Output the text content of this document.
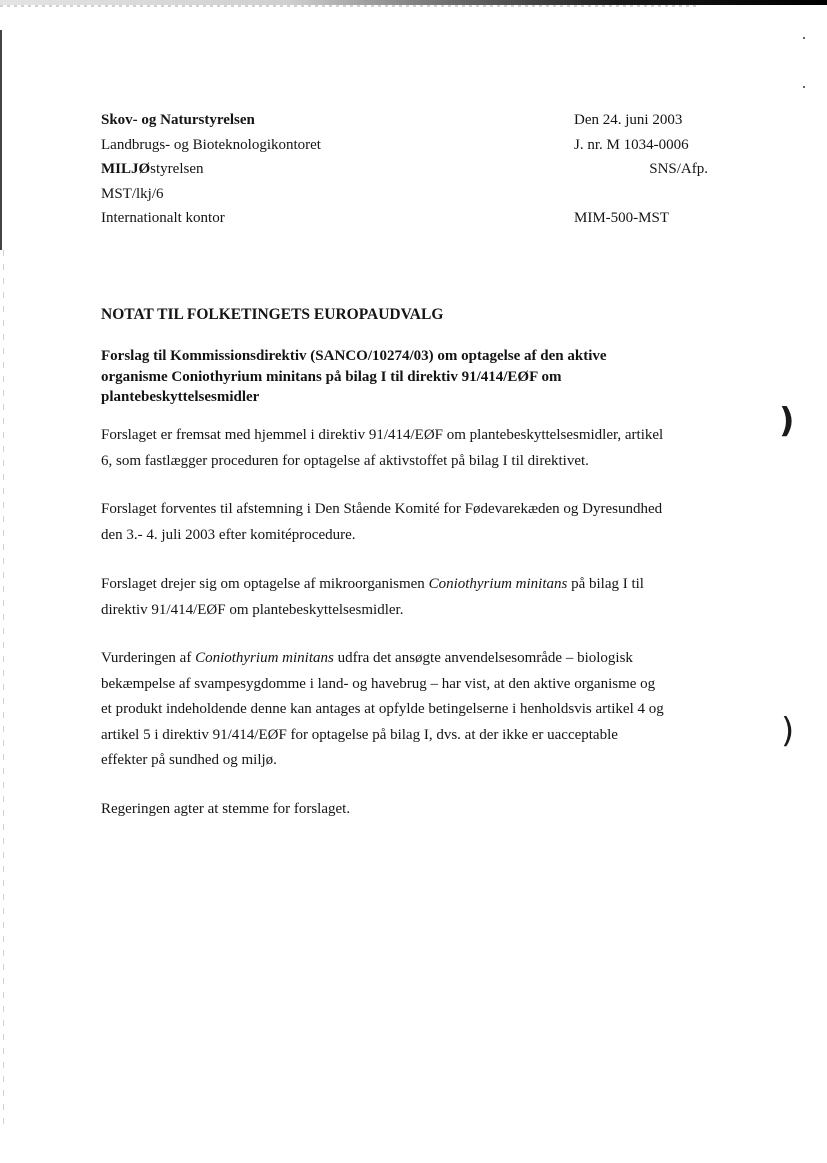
)
)
Skov- og Naturstyrelsen
Landbrugs- og Bioteknologikontoret
MILJØstyrelsen
MST/lkj/6
Internationalt kontor
Den 24. juni 2003
J. nr. M 1034-0006
SNS/Afp.
MIM-500-MST
NOTAT TIL FOLKETINGETS EUROPAUDVALG
Forslag til Kommissionsdirektiv (SANCO/10274/03) om optagelse af den aktive
organisme Coniothyrium minitans på bilag I til direktiv 91/414/EØF om
plantebeskyttelsesmidler
Forslaget er fremsat med hjemmel i direktiv 91/414/EØF om plantebeskyttelsesmidler, artikel
6, som fastlægger proceduren for optagelse af aktivstoffet på bilag I til direktivet.
Forslaget forventes til afstemning i Den Stående Komité for Fødevarekæden og Dyresundhed
den 3.- 4. juli 2003 efter komitéprocedure.
Forslaget drejer sig om optagelse af mikroorganismen Coniothyrium minitans på bilag I til
direktiv 91/414/EØF om plantebeskyttelsesmidler.
Vurderingen af Coniothyrium minitans udfra det ansøgte anvendelsesområde – biologisk
bekæmpelse af svampesygdomme i land- og havebrug – har vist, at den aktive organisme og
et produkt indeholdende denne kan antages at opfylde betingelserne i henholdsvis artikel 4 og
artikel 5 i direktiv 91/414/EØF for optagelse på bilag I, dvs. at der ikke er uacceptable
effekter på sundhed og miljø.
Regeringen agter at stemme for forslaget.
